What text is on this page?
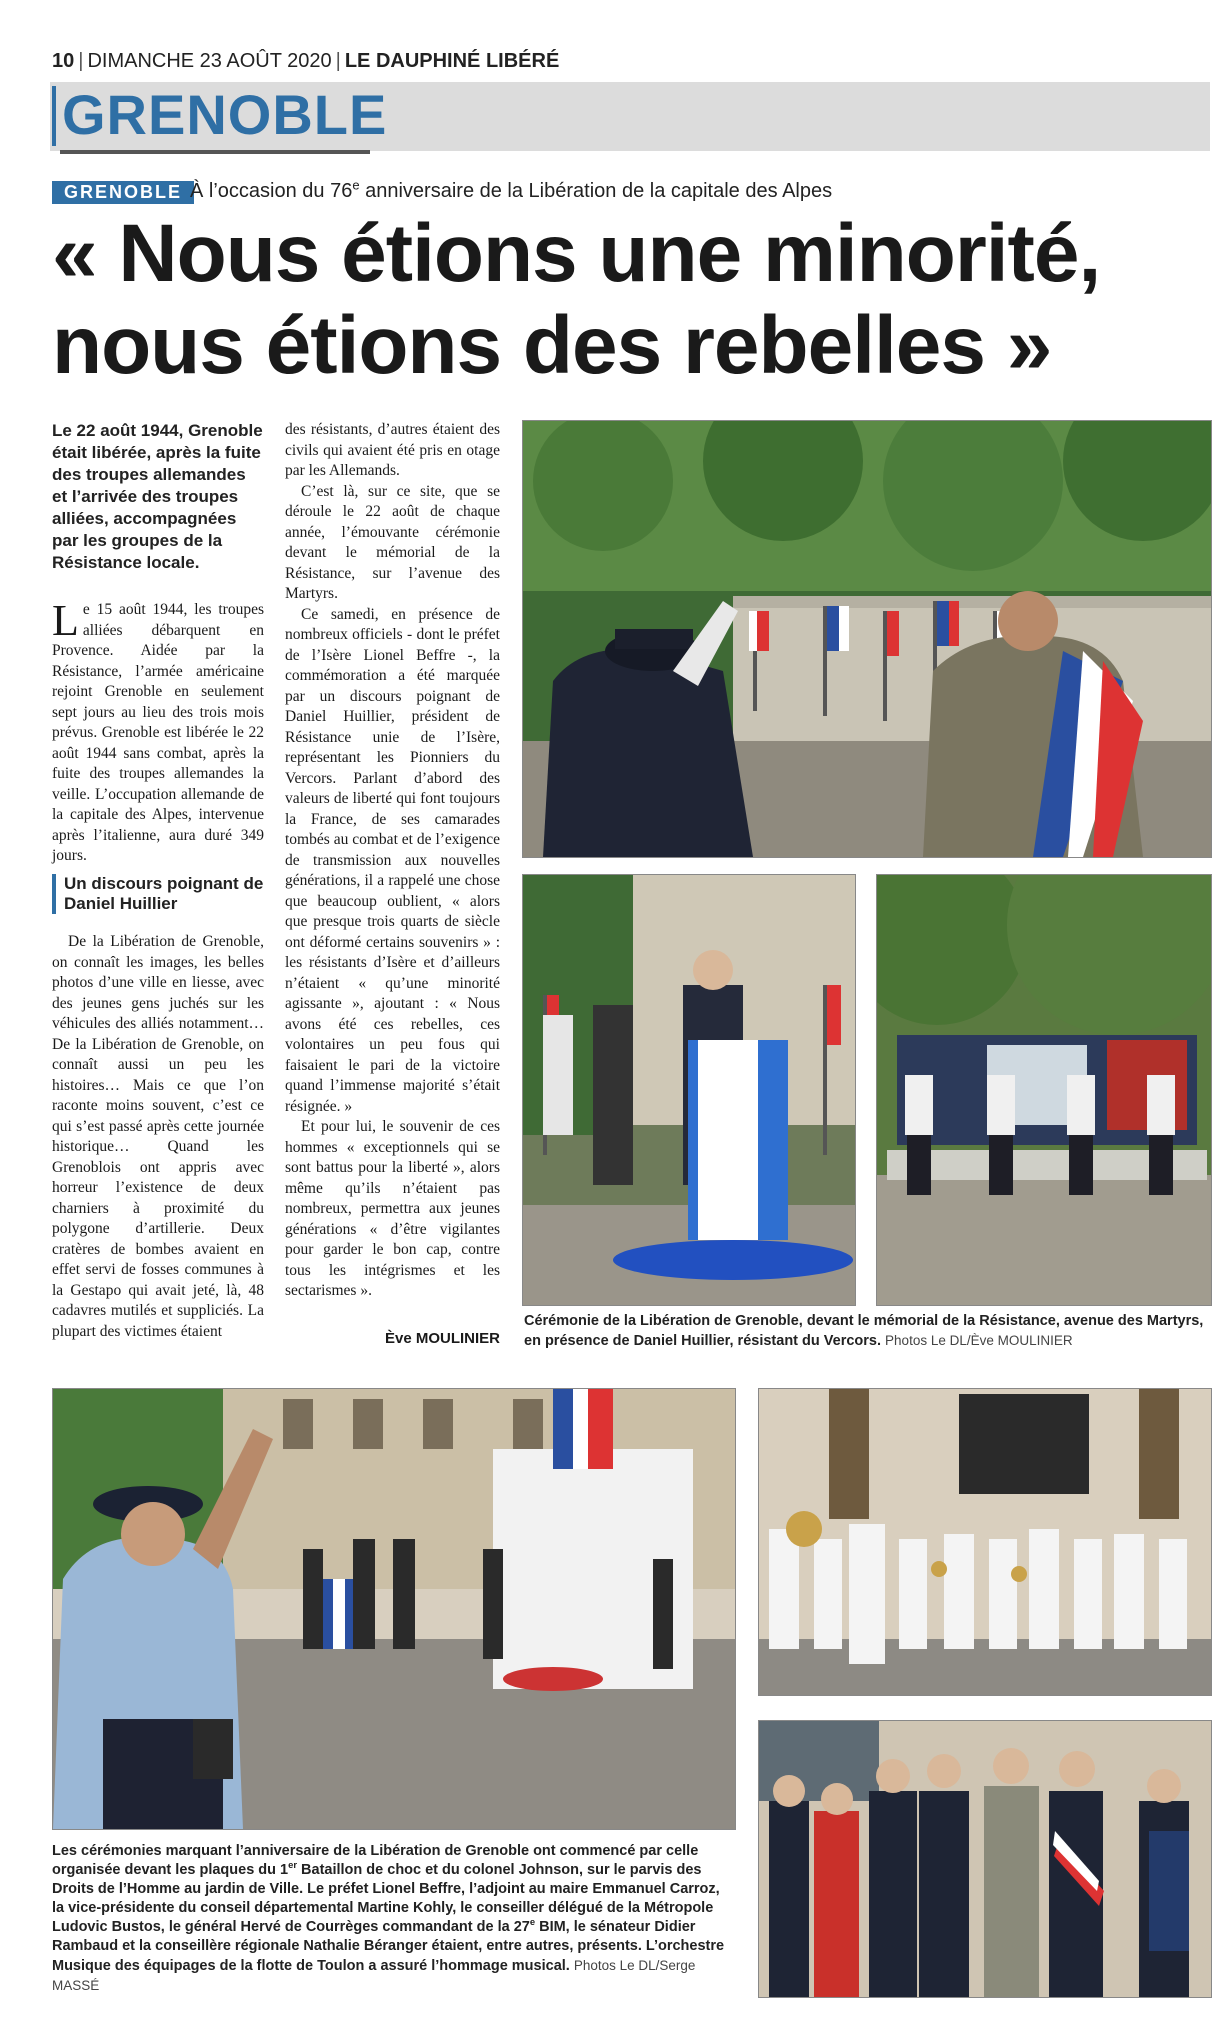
10 | DIMANCHE 23 AOÛT 2020 | LE DAUPHINÉ LIBÉRÉ
GRENOBLE
GRENOBLE À l’occasion du 76e anniversaire de la Libération de la capitale des Alpes
« Nous étions une minorité,
nous étions des rebelles »
Le 22 août 1944, Grenoble était libérée, après la fuite des troupes allemandes et l’arrivée des troupes alliées, accompagnées par les groupes de la Résistance locale.

Le 15 août 1944, les troupes alliées débarquent en Provence. Aidée par la Résistance, l’armée américaine rejoint Grenoble en seulement sept jours au lieu des trois mois prévus. Grenoble est libérée le 22 août 1944 sans combat, après la fuite des troupes allemandes la veille. L’occupation allemande de la capitale des Alpes, intervenue après l’italienne, aura duré 349 jours.

Un discours poignant de Daniel Huillier

De la Libération de Grenoble, on connaît les images, les belles photos d’une ville en liesse, avec des jeunes gens juchés sur les véhicules des alliés notamment… De la Libération de Grenoble, on connaît aussi un peu les histoires… Mais ce que l’on raconte moins souvent, c’est ce qui s’est passé après cette journée historique… Quand les Grenoblois ont appris avec horreur l’existence de deux charniers à proximité du polygone d’artillerie. Deux cratères de bombes avaient en effet servi de fosses communes à la Gestapo qui avait jeté, là, 48 cadavres mutilés et suppliciés. La plupart des victimes étaient

des résistants, d’autres étaient des civils qui avaient été pris en otage par les Allemands.

C’est là, sur ce site, que se déroule le 22 août de chaque année, l’émouvante cérémonie devant le mémorial de la Résistance, sur l’avenue des Martyrs.

Ce samedi, en présence de nombreux officiels - dont le préfet de l’Isère Lionel Beffre -, la commémoration a été marquée par un discours poignant de Daniel Huillier, président de Résistance unie de l’Isère, représentant les Pionniers du Vercors. Parlant d’abord des valeurs de liberté qui font toujours la France, de ses camarades tombés au combat et de l’exigence de transmission aux nouvelles générations, il a rappelé une chose que beaucoup oublient, « alors que presque trois quarts de siècle ont déformé certains souvenirs » : les résistants d’Isère et d’ailleurs n’étaient « qu’une minorité agissante », ajoutant : « Nous avons été ces rebelles, ces volontaires un peu fous qui faisaient le pari de la victoire quand l’immense majorité s’était résignée. »

Et pour lui, le souvenir de ces hommes « exceptionnels qui se sont battus pour la liberté », alors même qu’ils n’étaient pas nombreux, permettra aux jeunes générations « d’être vigilantes pour garder le bon cap, contre tous les intégrismes et les sectarismes ».

Ève MOULINIER
Cérémonie de la Libération de Grenoble, devant le mémorial de la Résistance, avenue des Martyrs, en présence de Daniel Huillier, résistant du Vercors. Photos Le DL/Ève MOULINIER
Les cérémonies marquant l’anniversaire de la Libération de Grenoble ont commencé par celle organisée devant les plaques du 1er Bataillon de choc et du colonel Johnson, sur le parvis des Droits de l’Homme au jardin de Ville. Le préfet Lionel Beffre, l’adjoint au maire Emmanuel Carroz, la vice-présidente du conseil départemental Martine Kohly, le conseiller délégué de la Métropole Ludovic Bustos, le général Hervé de Courrèges commandant de la 27e BIM, le sénateur Didier Rambaud et la conseillère régionale Nathalie Béranger étaient, entre autres, présents. L’orchestre Musique des équipages de la flotte de Toulon a assuré l’hommage musical. Photos Le DL/Serge MASSÉ
